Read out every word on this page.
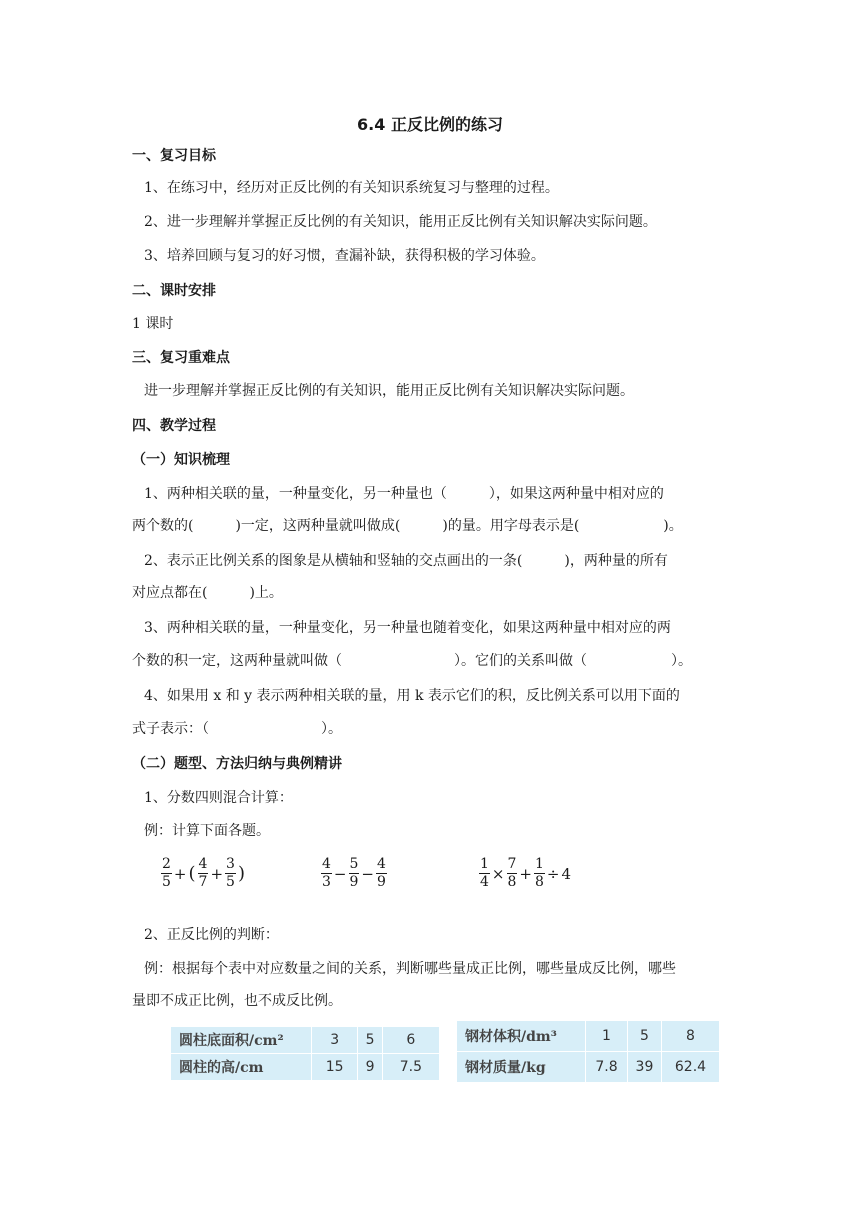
6.4 正反比例的练习
一、复习目标
1、在练习中，经历对正反比例的有关知识系统复习与整理的过程。
2、进一步理解并掌握正反比例的有关知识，能用正反比例有关知识解决实际问题。
3、培养回顾与复习的好习惯，查漏补缺，获得积极的学习体验。
二、课时安排
1 课时
三、复习重难点
进一步理解并掌握正反比例的有关知识，能用正反比例有关知识解决实际问题。
四、教学过程
（一）知识梳理
1、两种相关联的量，一种量变化，另一种量也（　　　），如果这两种量中相对应的
两个数的(　　　)一定，这两种量就叫做成(　　　)的量。用字母表示是(　　　　　　)。
2、表示正比例关系的图象是从横轴和竖轴的交点画出的一条(　　　)，两种量的所有
对应点都在(　　　)上。
3、两种相关联的量，一种量变化，另一种量也随着变化，如果这两种量中相对应的两
个数的积一定，这两种量就叫做（　　　　　　　　）。它们的关系叫做（　　　　　　）。
4、如果用 x 和 y 表示两种相关联的量，用 k 表示它们的积，反比例关系可以用下面的
式子表示：（　　　　　　　　）。
（二）题型、方法归纳与典例精讲
1、分数四则混合计算：
例：计算下面各题。
$\frac{2}{5}$ + ( $\frac{4}{7} + \frac{3}{5}$ )	$\frac{4}{3} - \frac{5}{9} - \frac{4}{9}$	$\frac{1}{4} \times \frac{7}{8} + \frac{1}{8} \div 4$
2、正反比例的判断：
例：根据每个表中对应数量之间的关系，判断哪些量成正比例，哪些量成反比例，哪些
量即不成正比例，也不成反比例。
圆柱底面积/cm²	3	5	6
圆柱的高/cm	15	9	7.5
钢材体积/dm³	1	5	8
钢材质量/kg	7.8	39	62.4
